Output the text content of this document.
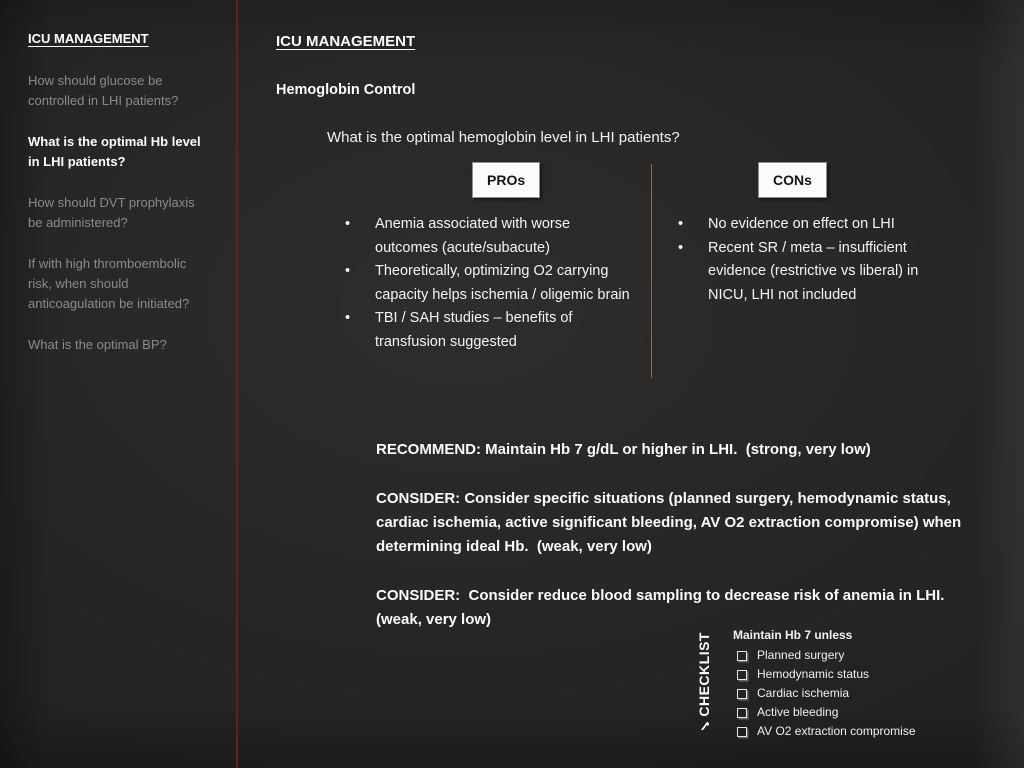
ICU MANAGEMENT
How should glucose be controlled in LHI patients?
What is the optimal Hb level in LHI patients?
How should DVT prophylaxis be administered?
If with high thromboembolic risk, when should anticoagulation be initiated?
What is the optimal BP?
ICU MANAGEMENT
Hemoglobin Control
What is the optimal hemoglobin level in LHI patients?
PROs	CONs
•	Anemia associated with worse outcomes (acute/subacute)
•	Theoretically, optimizing O2 carrying capacity helps ischemia / oligemic brain
•	TBI / SAH studies – benefits of transfusion suggested
•	No evidence on effect on LHI
•	Recent SR / meta – insufficient evidence (restrictive vs liberal) in NICU, LHI not included

RECOMMEND: Maintain Hb 7 g/dL or higher in LHI.  (strong, very low)

CONSIDER: Consider specific situations (planned surgery, hemodynamic status, cardiac ischemia, active significant bleeding, AV O2 extraction compromise) when determining ideal Hb.  (weak, very low)

CONSIDER:  Consider reduce blood sampling to decrease risk of anemia in LHI. (weak, very low)

✓CHECKLIST Maintain Hb 7 unless
Planned surgery
Hemodynamic status
Cardiac ischemia
Active bleeding
AV O2 extraction compromise
